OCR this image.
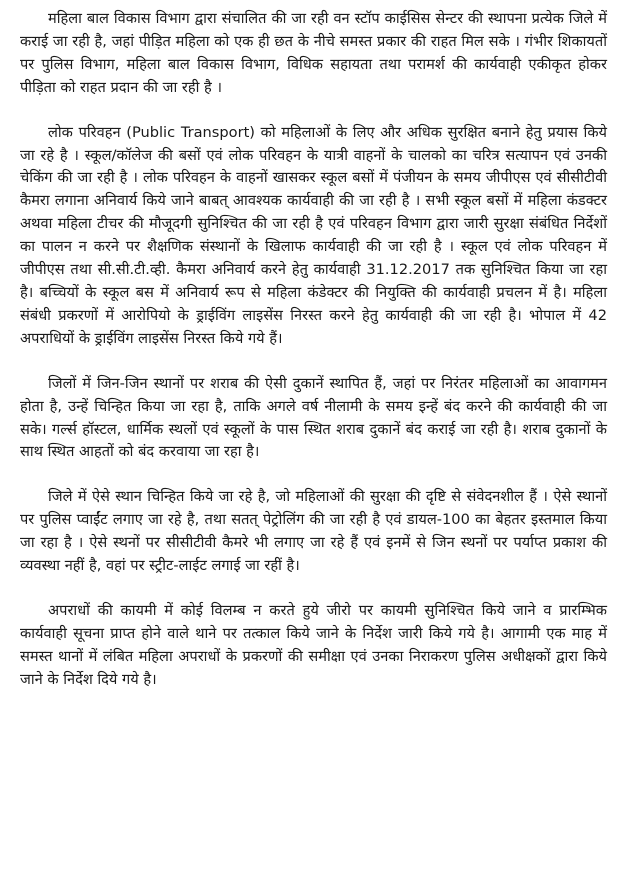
महिला बाल विकास विभाग द्वारा संचालित की जा रही वन स्टॉप काईसिस सेन्टर की स्थापना प्रत्येक जिले में कराई जा रही है, जहां पीड़ित महिला को एक ही छत के नीचे समस्त प्रकार की राहत मिल सके । गंभीर शिकायतों पर पुलिस विभाग, महिला बाल विकास विभाग, विधिक सहायता तथा परामर्श की कार्यवाही एकीकृत होकर पीड़िता को राहत प्रदान की जा रही है ।

लोक परिवहन (Public Transport) को महिलाओं के लिए और अधिक सुरक्षित बनाने हेतु प्रयास किये जा रहे है । स्कूल/कॉलेज की बसों एवं लोक परिवहन के यात्री वाहनों के चालको का चरित्र सत्यापन एवं उनकी चेकिंग की जा रही है । लोक परिवहन के वाहनों खासकर स्कूल बसों में पंजीयन के समय जीपीएस एवं सीसीटीवी कैमरा लगाना अनिवार्य किये जाने बाबत् आवश्यक कार्यवाही की जा रही है । सभी स्कूल बसों में महिला कंडक्टर अथवा महिला टीचर की मौजूदगी सुनिश्चित की जा रही है एवं परिवहन विभाग द्वारा जारी सुरक्षा संबंधित निर्देशों का पालन न करने पर शैक्षणिक संस्थानों के खिलाफ कार्यवाही की जा रही है । स्कूल एवं लोक परिवहन में जीपीएस तथा सी.सी.टी.व्ही. कैमरा अनिवार्य करने हेतु कार्यवाही 31.12.2017 तक सुनिश्चित किया जा रहा है। बच्चियों के स्कूल बस में अनिवार्य रूप से महिला कंडेक्टर की नियुक्ति की कार्यवाही प्रचलन में है। महिला संबंधी प्रकरणों में आरोपियो के ड्राईविंग लाइसेंस निरस्त करने हेतु कार्यवाही की जा रही है। भोपाल में 42 अपराधियों के ड्राईविंग लाइसेंस निरस्त किये गये हैं।

जिलों में जिन-जिन स्थानों पर शराब की ऐसी दुकानें स्थापित हैं, जहां पर निरंतर महिलाओं का आवागमन होता है, उन्हें चिन्हित किया जा रहा है, ताकि अगले वर्ष नीलामी के समय इन्हें बंद करने की कार्यवाही की जा सके। गर्ल्स हॉस्टल, धार्मिक स्थलों एवं स्कूलों के पास स्थित शराब दुकानें बंद कराई जा रही है। शराब दुकानों के साथ स्थित आहतों को बंद करवाया जा रहा है।

जिले में ऐसे स्थान चिन्हित किये जा रहे है, जो महिलाओं की सुरक्षा की दृष्टि से संवेदनशील हैं । ऐसे स्थानों पर पुलिस प्वाईंट लगाए जा रहे है, तथा सतत् पेट्रोलिंग की जा रही है एवं डायल-100 का बेहतर इस्तमाल किया जा रहा है । ऐसे स्थनों पर सीसीटीवी कैमरे भी लगाए जा रहे हैं एवं इनमें से जिन स्थनों पर पर्याप्त प्रकाश की व्यवस्था नहीं है, वहां पर स्ट्रीट-लाईट लगाई जा रहीं है।

अपराधों की कायमी में कोई विलम्ब न करते हुये जीरो पर कायमी सुनिश्चित किये जाने व प्रारम्भिक कार्यवाही सूचना प्राप्त होने वाले थाने पर तत्काल किये जाने के निर्देश जारी किये गये है। आगामी एक माह में समस्त थानों में लंबित महिला अपराधों के प्रकरणों की समीक्षा एवं उनका निराकरण पुलिस अधीक्षकों द्वारा किये जाने के निर्देश दिये गये है।
